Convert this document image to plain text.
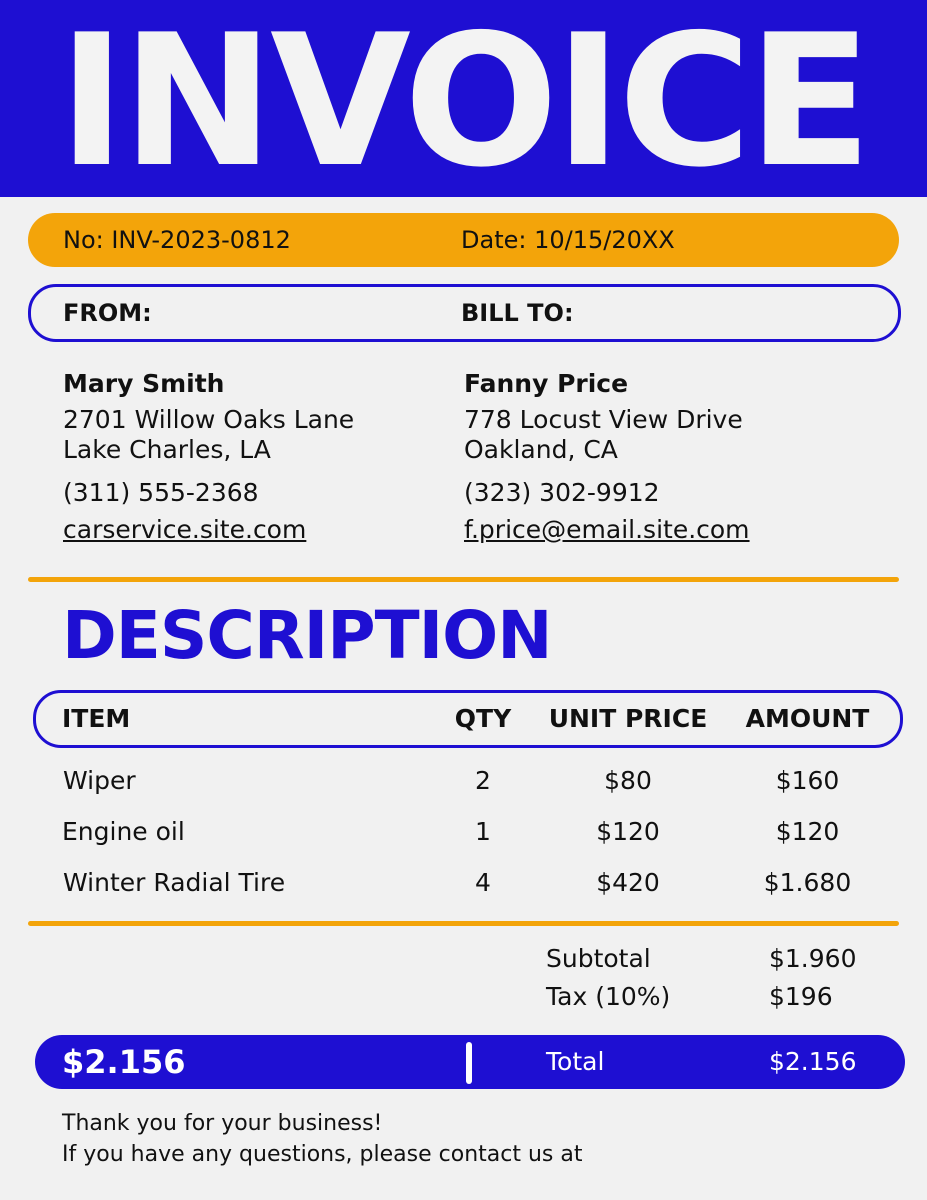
INVOICE
No: INV-2023-0812	Date: 10/15/20XX
FROM:	BILL TO:
Mary Smith
2701 Willow Oaks Lane
Lake Charles, LA
(311) 555-2368
carservice.site.com
Fanny Price
778 Locust View Drive
Oakland, CA
(323) 302-9912
f.price@email.site.com
DESCRIPTION
ITEM	QTY	UNIT PRICE	AMOUNT
Wiper	2	$80	$160
Engine oil	1	$120	$120
Winter Radial Tire	4	$420	$1.680
Subtotal	$1.960
Tax (10%)	$196
$2.156	Total	$2.156
Thank you for your business!
If you have any questions, please contact us at
